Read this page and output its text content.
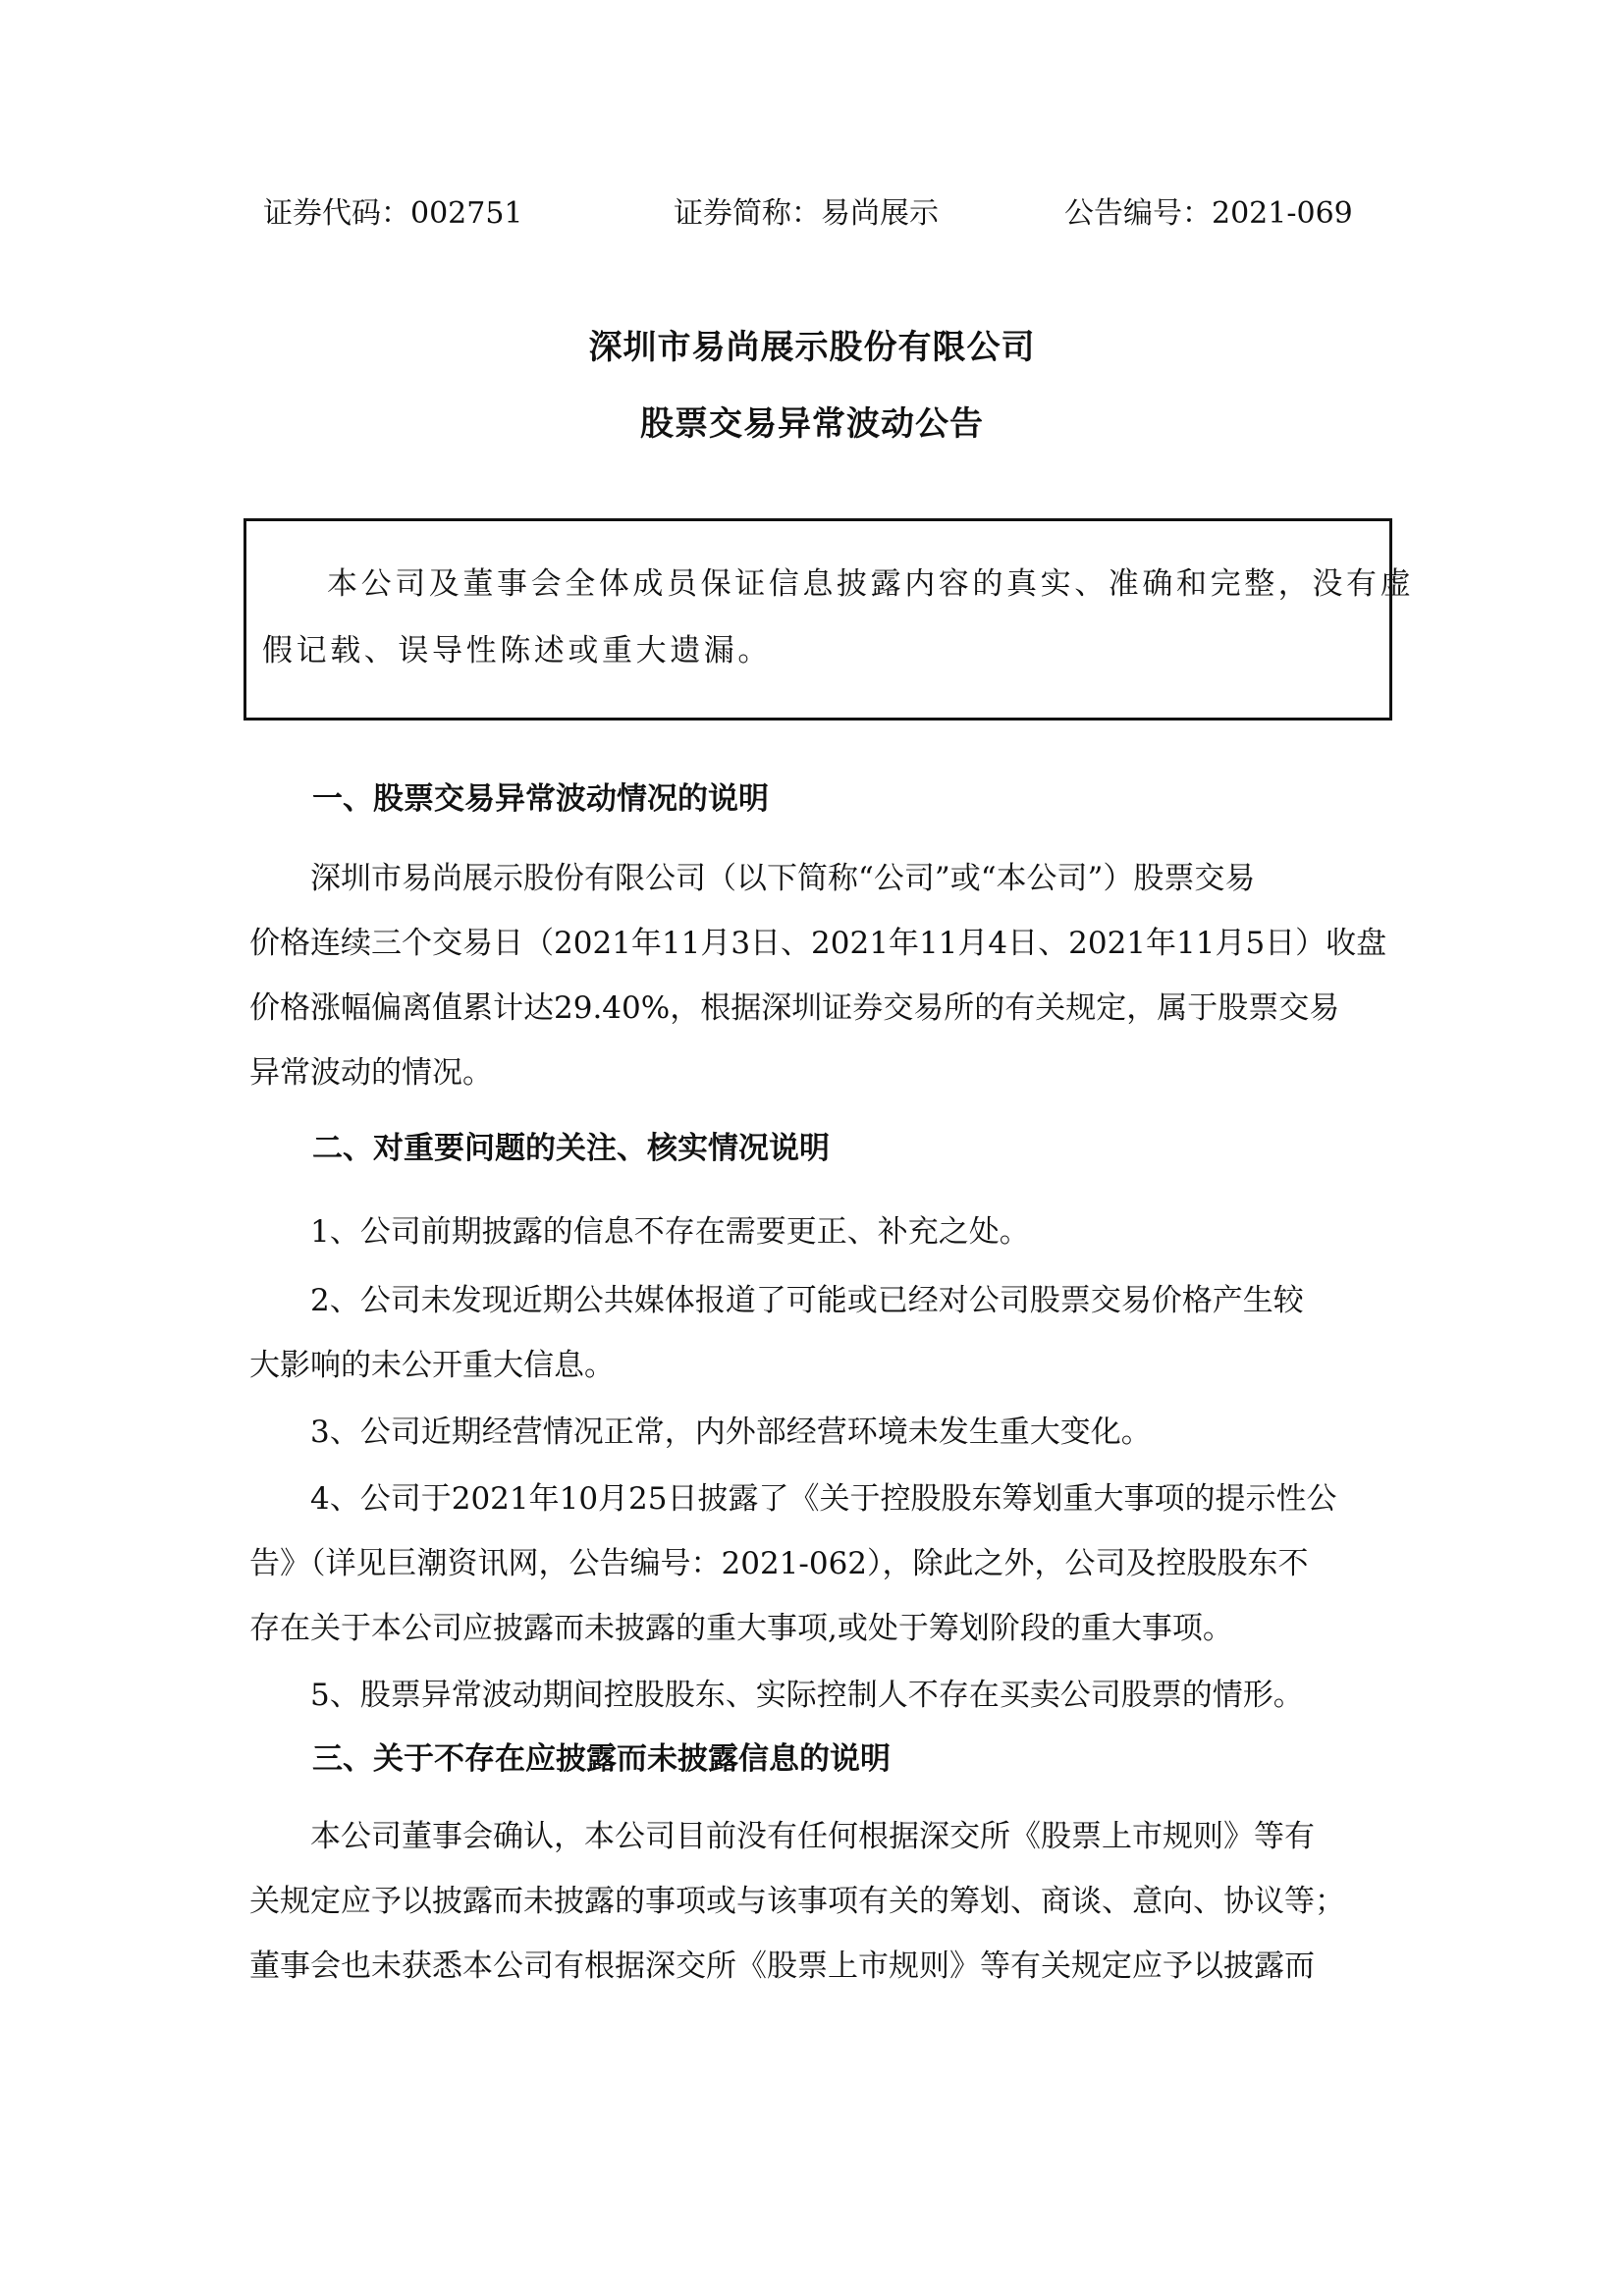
证券代码：002751	证券简称：易尚展示	公告编号：2021-069
深圳市易尚展示股份有限公司
股票交易异常波动公告
本公司及董事会全体成员保证信息披露内容的真实、准确和完整，没有虚
假记载、误导性陈述或重大遗漏。
一、股票交易异常波动情况的说明
深圳市易尚展示股份有限公司（以下简称“公司”或“本公司”）股票交易
价格连续三个交易日（2021年11月3日、2021年11月4日、2021年11月5日）收盘
价格涨幅偏离值累计达29.40%，根据深圳证券交易所的有关规定，属于股票交易
异常波动的情况。
二、对重要问题的关注、核实情况说明
1、公司前期披露的信息不存在需要更正、补充之处。
2、公司未发现近期公共媒体报道了可能或已经对公司股票交易价格产生较
大影响的未公开重大信息。
3、公司近期经营情况正常，内外部经营环境未发生重大变化。
4、公司于2021年10月25日披露了《关于控股股东筹划重大事项的提示性公
告》（详见巨潮资讯网，公告编号：2021-062），除此之外，公司及控股股东不
存在关于本公司应披露而未披露的重大事项,或处于筹划阶段的重大事项。
5、股票异常波动期间控股股东、实际控制人不存在买卖公司股票的情形。
三、关于不存在应披露而未披露信息的说明
本公司董事会确认，本公司目前没有任何根据深交所《股票上市规则》等有
关规定应予以披露而未披露的事项或与该事项有关的筹划、商谈、意向、协议等；
董事会也未获悉本公司有根据深交所《股票上市规则》等有关规定应予以披露而
